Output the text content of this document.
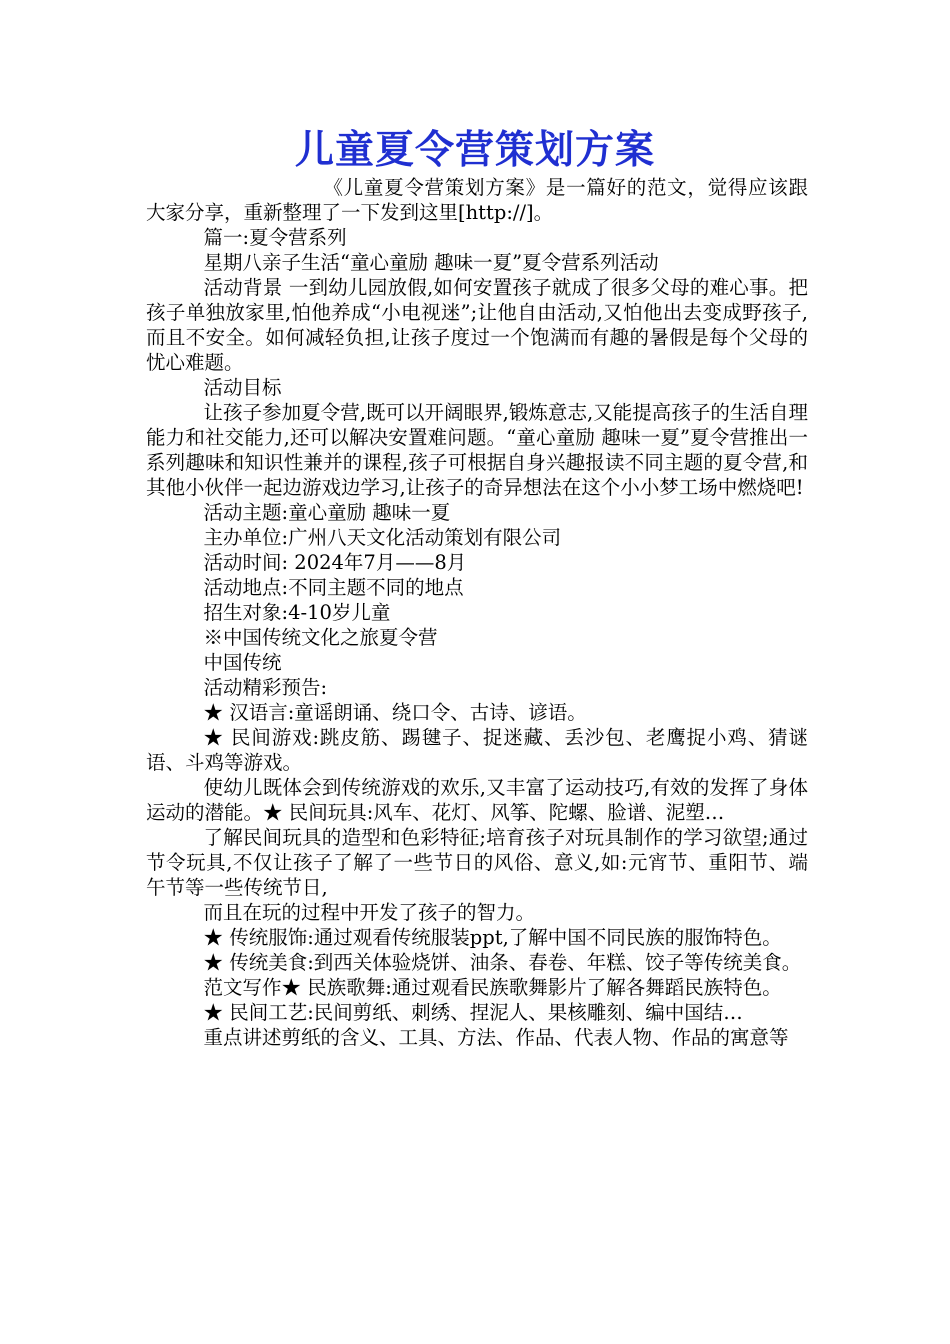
儿童夏令营策划方案

《儿童夏令营策划方案》是一篇好的范文，觉得应该跟大家分享，重新整理了一下发到这里[http://]。

篇一:夏令营系列

星期八亲子生活“童心童励 趣味一夏”夏令营系列活动

活动背景 一到幼儿园放假,如何安置孩子就成了很多父母的难心事。把孩子单独放家里,怕他养成“小电视迷”;让他自由活动,又怕他出去变成野孩子,而且不安全。如何减轻负担,让孩子度过一个饱满而有趣的暑假是每个父母的忧心难题。

活动目标

让孩子参加夏令营,既可以开阔眼界,锻炼意志,又能提高孩子的生活自理能力和社交能力,还可以解决安置难问题。“童心童励 趣味一夏”夏令营推出一系列趣味和知识性兼并的课程,孩子可根据自身兴趣报读不同主题的夏令营,和其他小伙伴一起边游戏边学习,让孩子的奇异想法在这个小小梦工场中燃烧吧!

活动主题:童心童励 趣味一夏

主办单位:广州八天文化活动策划有限公司

活动时间: 2024年7月——8月

活动地点:不同主题不同的地点

招生对象:4-10岁儿童

※中国传统文化之旅夏令营

中国传统

活动精彩预告:

★ 汉语言:童谣朗诵、绕口令、古诗、谚语。

★ 民间游戏:跳皮筋、踢毽子、捉迷藏、丢沙包、老鹰捉小鸡、猜谜语、斗鸡等游戏。

使幼儿既体会到传统游戏的欢乐,又丰富了运动技巧,有效的发挥了身体运动的潜能。★ 民间玩具:风车、花灯、风筝、陀螺、脸谱、泥塑…

了解民间玩具的造型和色彩特征;培育孩子对玩具制作的学习欲望;通过节令玩具,不仅让孩子了解了一些节日的风俗、意义,如:元宵节、重阳节、端午节等一些传统节日,

而且在玩的过程中开发了孩子的智力。

★ 传统服饰:通过观看传统服装ppt,了解中国不同民族的服饰特色。

★ 传统美食:到西关体验烧饼、油条、春卷、年糕、饺子等传统美食。

范文写作★ 民族歌舞:通过观看民族歌舞影片了解各舞蹈民族特色。

★ 民间工艺:民间剪纸、刺绣、捏泥人、果核雕刻、编中国结…

重点讲述剪纸的含义、工具、方法、作品、代表人物、作品的寓意等
